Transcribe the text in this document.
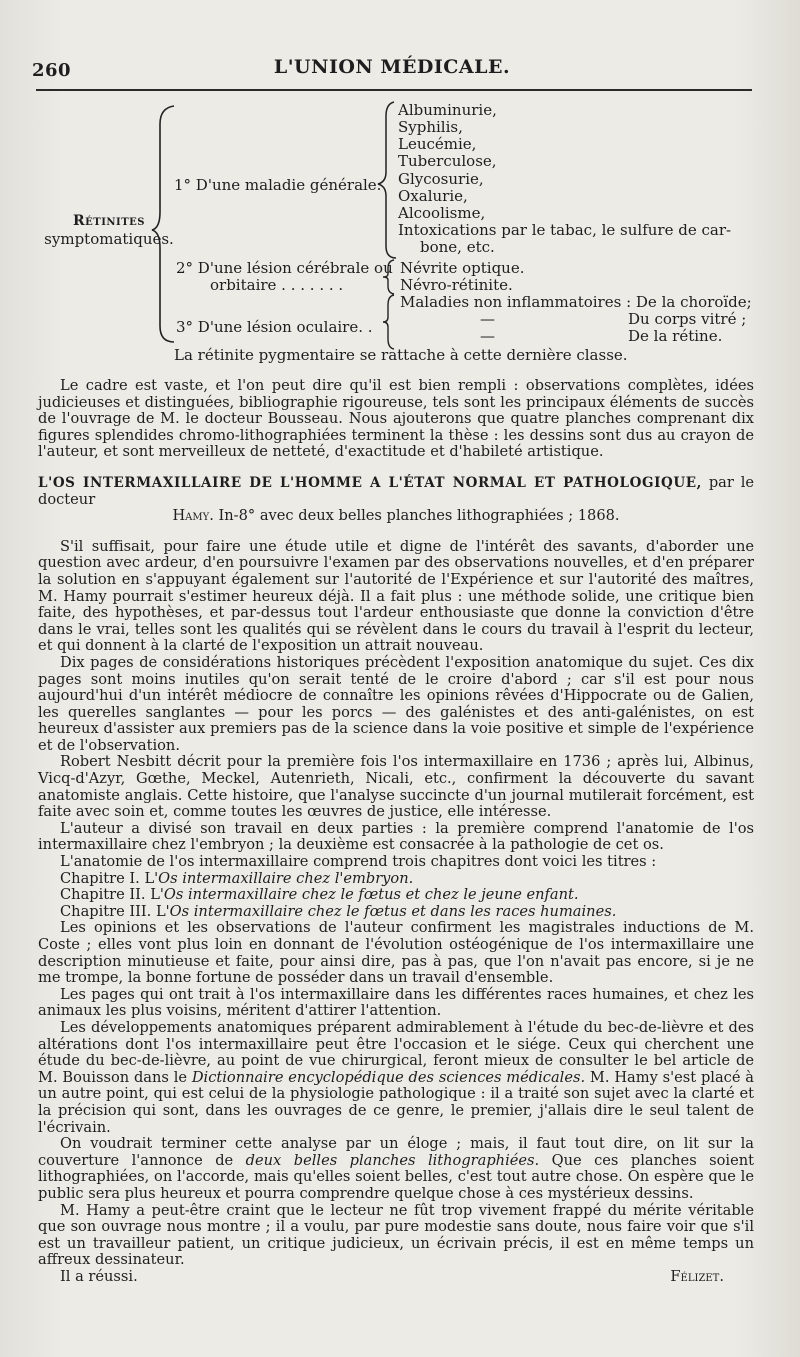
260	L'UNION MÉDICALE.
Rétinites
symptomatiques.
1° D'une maladie générale.
Albuminurie,
Syphilis,
Leucémie,
Tuberculose,
Glycosurie,
Oxalurie,
Alcoolisme,
Intoxications par le tabac, le sulfure de car-
bone, etc.
2° D'une lésion cérébrale ou
orbitaire . . . . . . .
Névrite optique.
Névro-rétinite.
3° D'une lésion oculaire. .
Maladies non inflammatoires : De la choroïde;
—	Du corps vitré ;
—	De la rétine.
La rétinite pygmentaire se rattache à cette dernière classe.

Le cadre est vaste, et l'on peut dire qu'il est bien rempli : observations complètes, idées judicieuses et distinguées, bibliographie rigoureuse, tels sont les principaux éléments de succès de l'ouvrage de M. le docteur Bousseau. Nous ajouterons que quatre planches comprenant dix figures splendides chromo-lithographiées terminent la thèse : les dessins sont dus au crayon de l'auteur, et sont merveilleux de netteté, d'exactitude et d'habileté artistique.

L'OS INTERMAXILLAIRE DE L'HOMME A L'ÉTAT NORMAL ET PATHOLOGIQUE, par le docteur

Hamy. In-8° avec deux belles planches lithographiées ; 1868.

S'il suffisait, pour faire une étude utile et digne de l'intérêt des savants, d'aborder une question avec ardeur, d'en poursuivre l'examen par des observations nouvelles, et d'en préparer la solution en s'appuyant également sur l'autorité de l'Expérience et sur l'autorité des maîtres, M. Hamy pourrait s'estimer heureux déjà. Il a fait plus : une méthode solide, une critique bien faite, des hypothèses, et par-dessus tout l'ardeur enthousiaste que donne la conviction d'être dans le vrai, telles sont les qualités qui se révèlent dans le cours du travail à l'esprit du lecteur, et qui donnent à la clarté de l'exposition un attrait nouveau.

Dix pages de considérations historiques précèdent l'exposition anatomique du sujet. Ces dix pages sont moins inutiles qu'on serait tenté de le croire d'abord ; car s'il est pour nous aujourd'hui d'un intérêt médiocre de connaître les opinions rêvées d'Hippocrate ou de Galien, les querelles sanglantes — pour les porcs — des galénistes et des anti-galénistes, on est heureux d'assister aux premiers pas de la science dans la voie positive et simple de l'expérience et de l'observation.

Robert Nesbitt décrit pour la première fois l'os intermaxillaire en 1736 ; après lui, Albinus, Vicq-d'Azyr, Gœthe, Meckel, Autenrieth, Nicali, etc., confirment la découverte du savant anatomiste anglais. Cette histoire, que l'analyse succincte d'un journal mutilerait forcément, est faite avec soin et, comme toutes les œuvres de justice, elle intéresse.

L'auteur a divisé son travail en deux parties : la première comprend l'anatomie de l'os intermaxillaire chez l'embryon ; la deuxième est consacrée à la pathologie de cet os.

L'anatomie de l'os intermaxillaire comprend trois chapitres dont voici les titres :

Chapitre I. L'Os intermaxillaire chez l'embryon.

Chapitre II. L'Os intermaxillaire chez le fœtus et chez le jeune enfant.

Chapitre III. L'Os intermaxillaire chez le fœtus et dans les races humaines.

Les opinions et les observations de l'auteur confirment les magistrales inductions de M. Coste ; elles vont plus loin en donnant de l'évolution ostéogénique de l'os intermaxillaire une description minutieuse et faite, pour ainsi dire, pas à pas, que l'on n'avait pas encore, si je ne me trompe, la bonne fortune de posséder dans un travail d'ensemble.

Les pages qui ont trait à l'os intermaxillaire dans les différentes races humaines, et chez les animaux les plus voisins, méritent d'attirer l'attention.

Les développements anatomiques préparent admirablement à l'étude du bec-de-lièvre et des altérations dont l'os intermaxillaire peut être l'occasion et le siége. Ceux qui cherchent une étude du bec-de-lièvre, au point de vue chirurgical, feront mieux de consulter le bel article de M. Bouisson dans le Dictionnaire encyclopédique des sciences médicales. M. Hamy s'est placé à un autre point, qui est celui de la physiologie pathologique : il a traité son sujet avec la clarté et la précision qui sont, dans les ouvrages de ce genre, le premier, j'allais dire le seul talent de l'écrivain.

On voudrait terminer cette analyse par un éloge ; mais, il faut tout dire, on lit sur la couverture l'annonce de deux belles planches lithographiées. Que ces planches soient lithographiées, on l'accorde, mais qu'elles soient belles, c'est tout autre chose. On espère que le public sera plus heureux et pourra comprendre quelque chose à ces mystérieux dessins.

M. Hamy a peut-être craint que le lecteur ne fût trop vivement frappé du mérite véritable que son ouvrage nous montre ; il a voulu, par pure modestie sans doute, nous faire voir que s'il est un travailleur patient, un critique judicieux, un écrivain précis, il est en même temps un affreux dessinateur.

Il a réussi.	Félizet.
